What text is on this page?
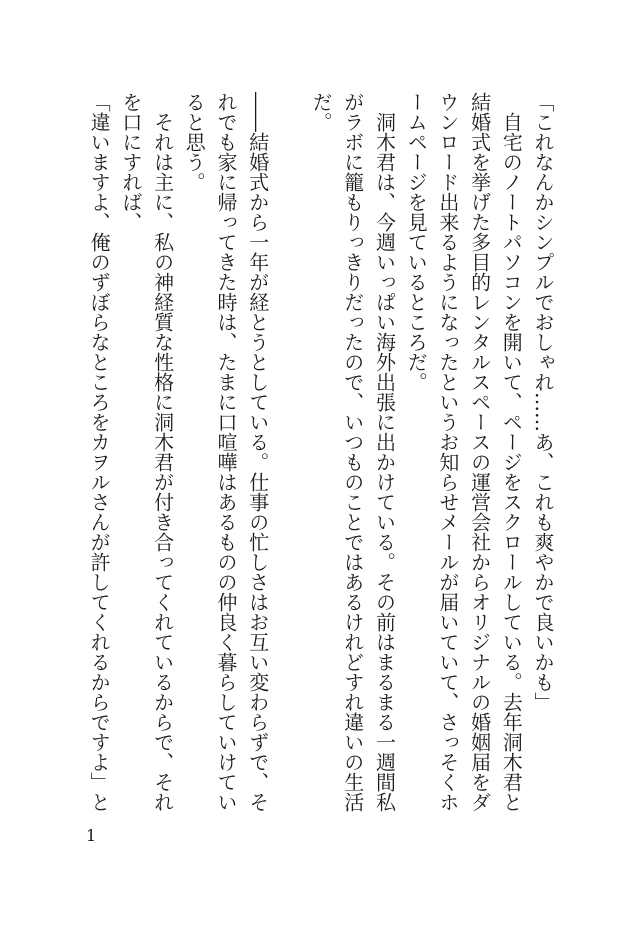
「これなんかシンプルでおしゃれ……あ、これも爽やかで良いかも」

自宅のノートパソコンを開いて、ページをスクロールしている。去年洞木君と結婚式を挙げた多目的レンタルスペースの運営会社からオリジナルの婚姻届をダウンロード出来るようになったというお知らせメールが届いていて、さっそくホームページを見ているところだ。

洞木君は、今週いっぱい海外出張に出かけている。その前はまるまる一週間私がラボに籠もりっきりだったので、いつものことではあるけれどすれ違いの生活だ。

――結婚式から一年が経とうとしている。仕事の忙しさはお互い変わらずで、それでも家に帰ってきた時は、たまに口喧嘩はあるものの仲良く暮らしていけていると思う。

それは主に、私の神経質な性格に洞木君が付き合ってくれているからで、それを口にすれば、

「違いますよ、俺のずぼらなところをカヲルさんが許してくれるからですよ」と

1
